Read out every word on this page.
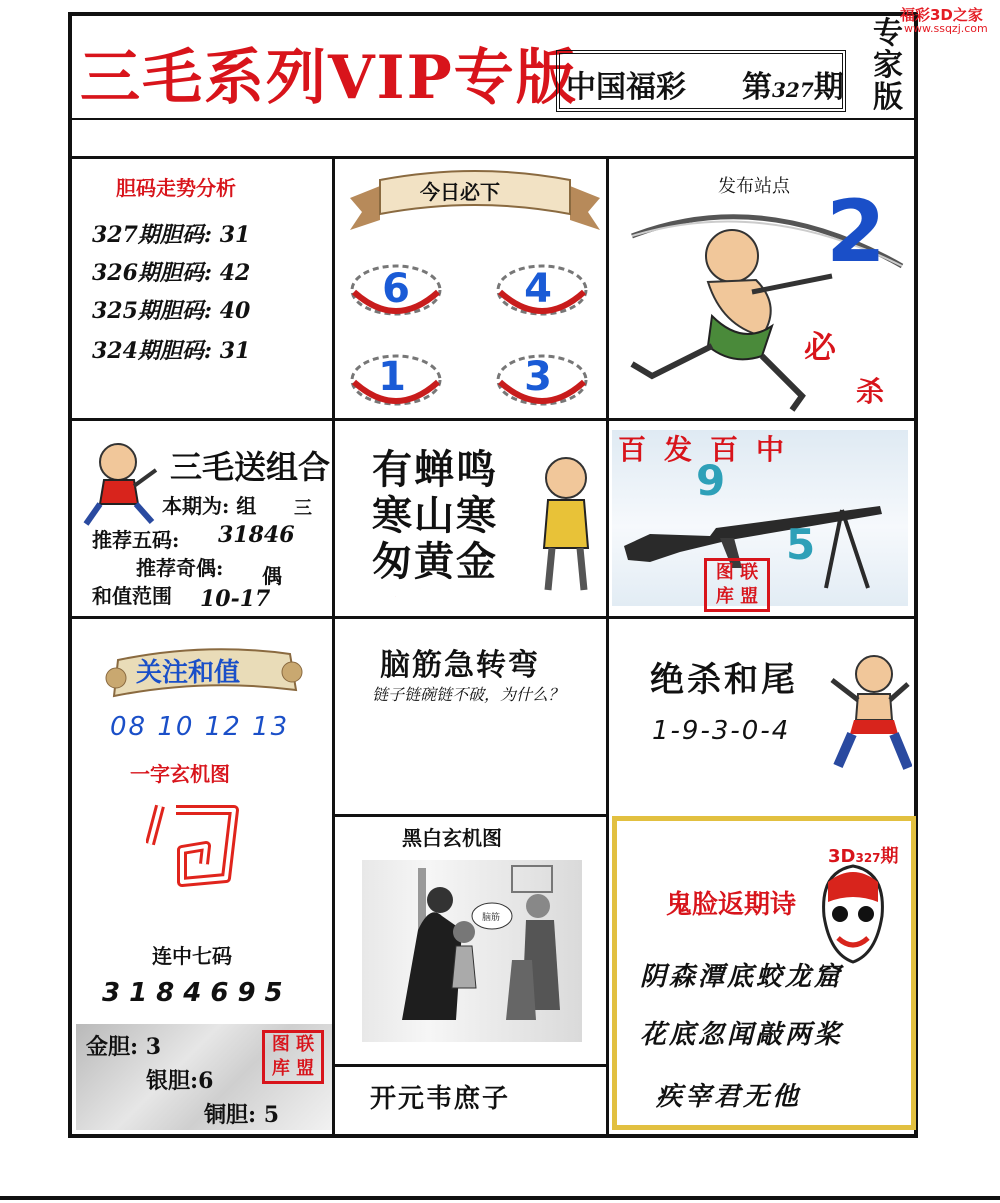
三毛系列VIP专版
中国福彩 第327期
专
家
版
福彩3D之家
www.ssqzj.com
胆码走势分析
327期胆码: 31
326期胆码: 42
325期胆码: 40
324期胆码: 31
今日必下
6	4
1	3
发布站点 2
必
杀
三毛送组合
本期为: 组 三
推荐五码: 31846
推荐奇偶: 偶
和值范围 10-17
有蝉鸣
寒山寒
匆黄金
迷惑神诗
百发百中
9
5
图 联
库 盟
关注和值
08 10 12 13
一字玄机图
连中七码
3184695
金胆: 3
银胆:6
铜胆: 5
图 联
库 盟
脑筋急转弯
链子链碗链不破，为什么？	绝杀和尾
1-9-3-0-4
黑白玄机图
脑筋
开元韦庶子
3D327期
鬼脸返期诗
阴森潭底蛟龙窟
花底忽闻敲两桨
疾宰君无他
